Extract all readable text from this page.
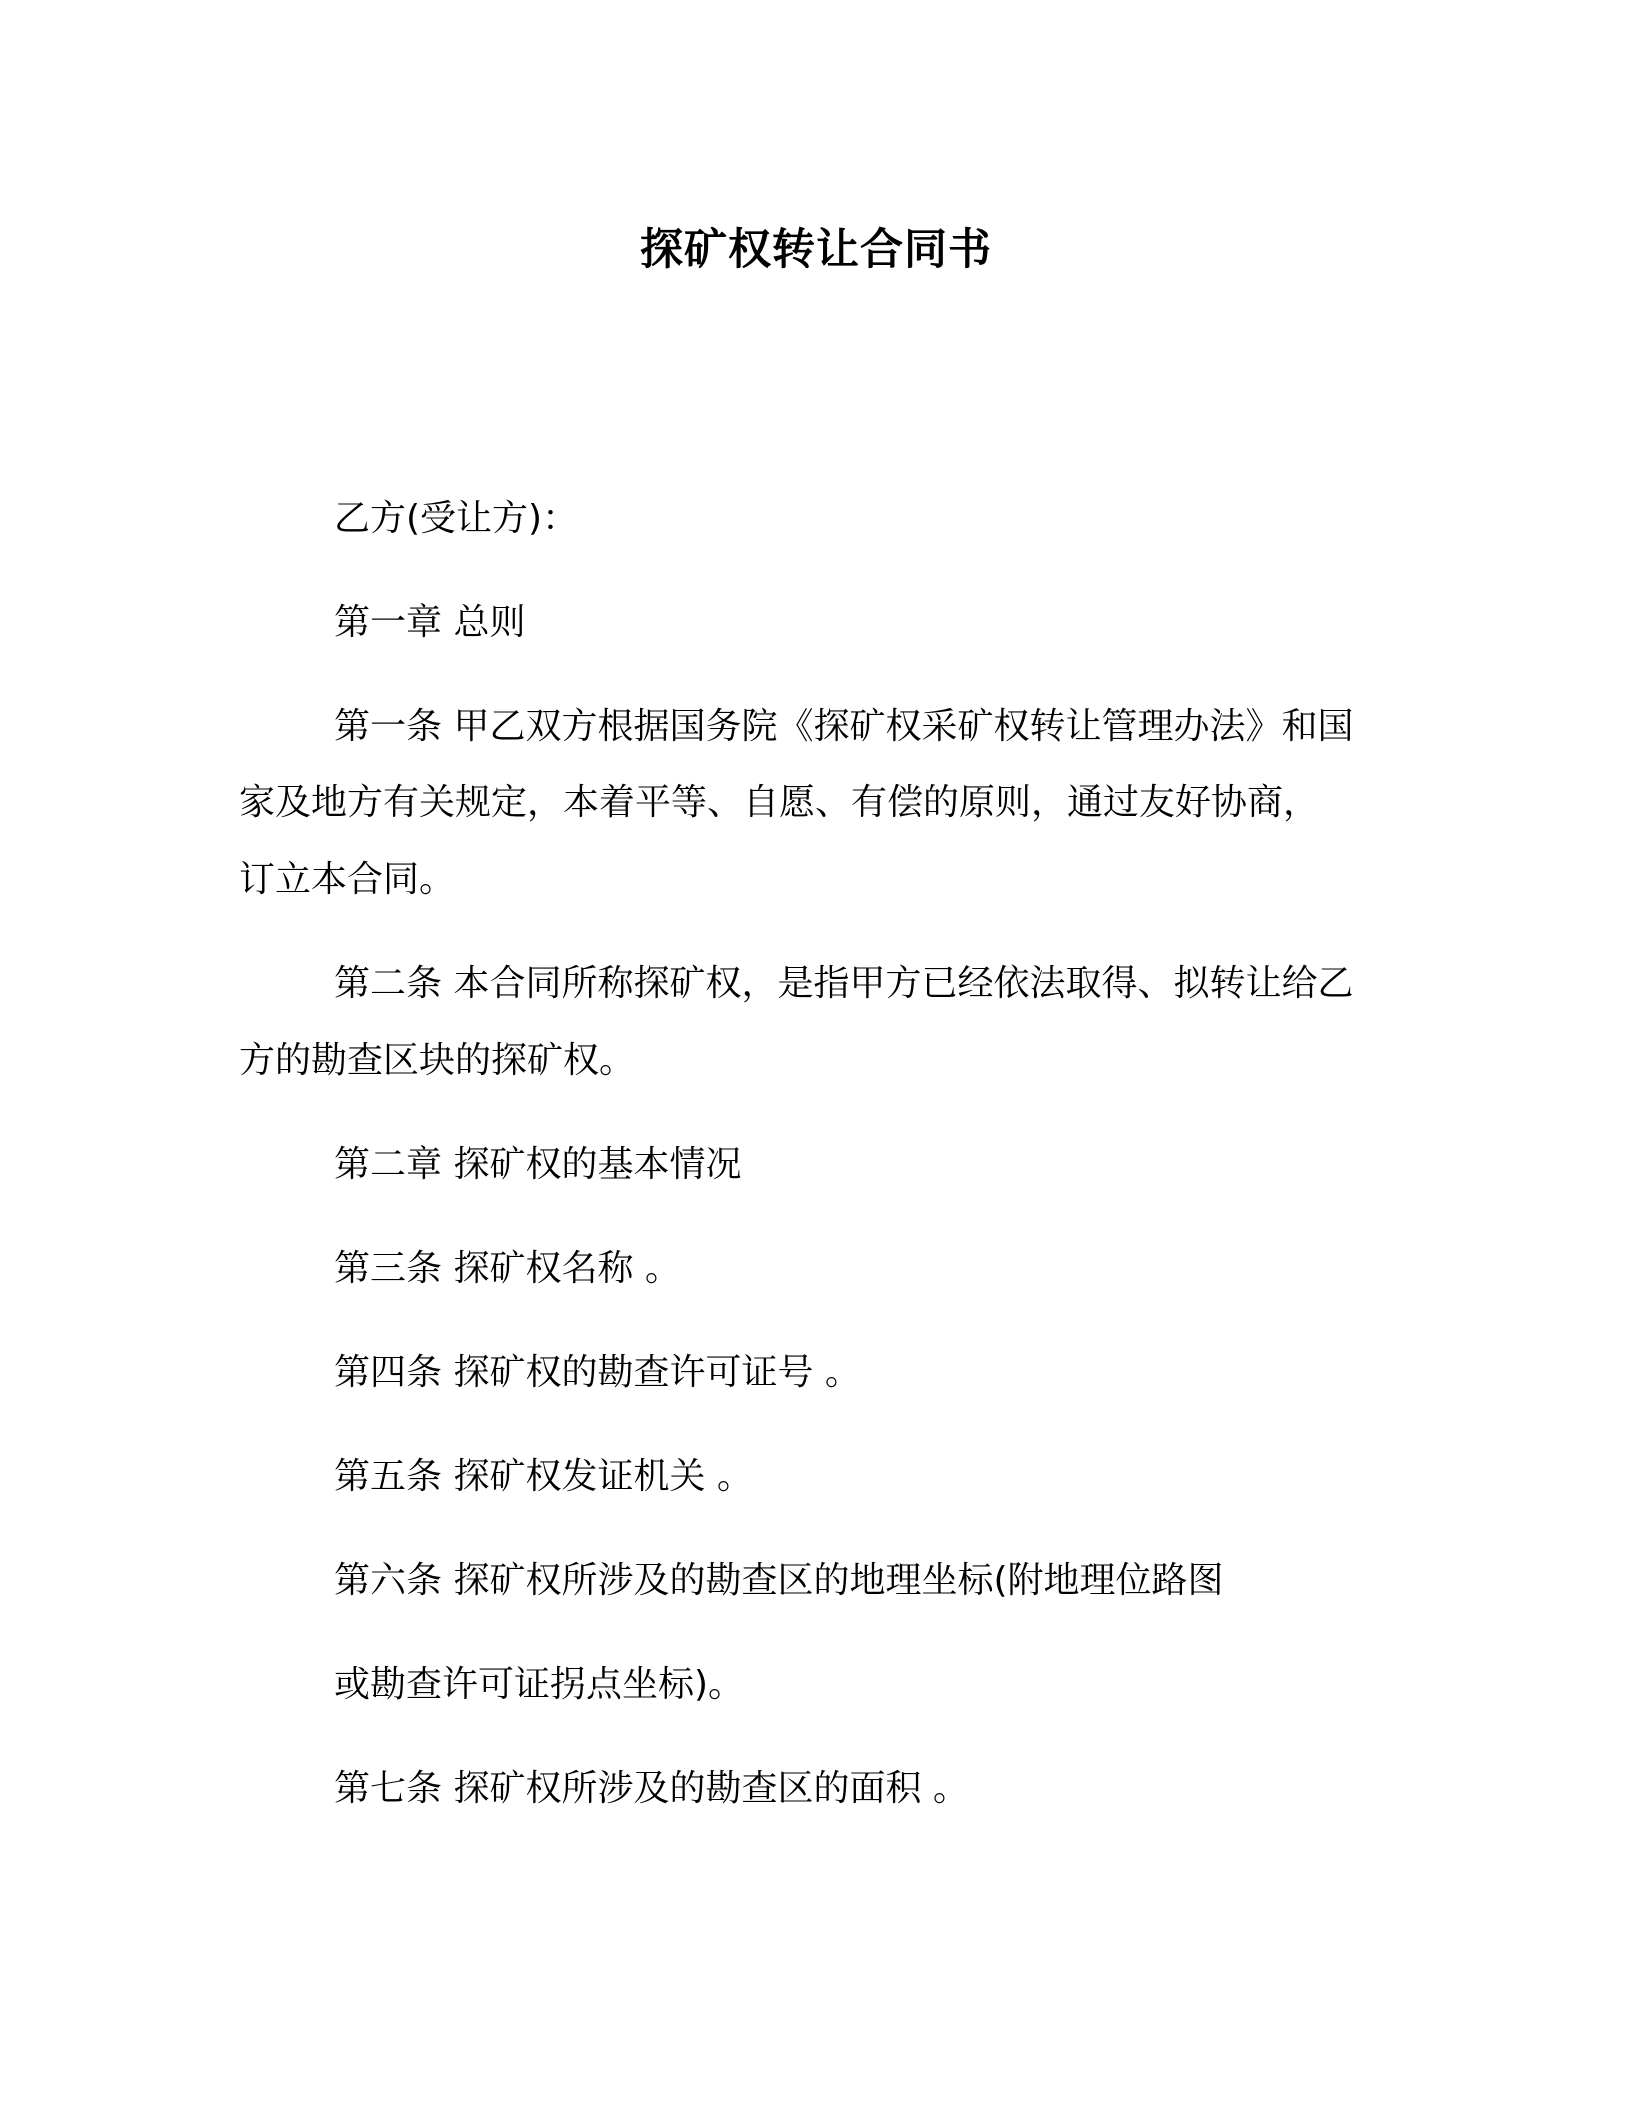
探矿权转让合同书
乙方(受让方)：
第一章 总则
第一条 甲乙双方根据国务院《探矿权采矿权转让管理办法》和国
家及地方有关规定，本着平等、自愿、有偿的原则，通过友好协商，
订立本合同。
第二条 本合同所称探矿权，是指甲方已经依法取得、拟转让给乙
方的勘查区块的探矿权。
第二章 探矿权的基本情况
第三条 探矿权名称 。
第四条 探矿权的勘查许可证号 。
第五条 探矿权发证机关 。
第六条 探矿权所涉及的勘查区的地理坐标(附地理位路图
或勘查许可证拐点坐标)。
第七条 探矿权所涉及的勘查区的面积 。
